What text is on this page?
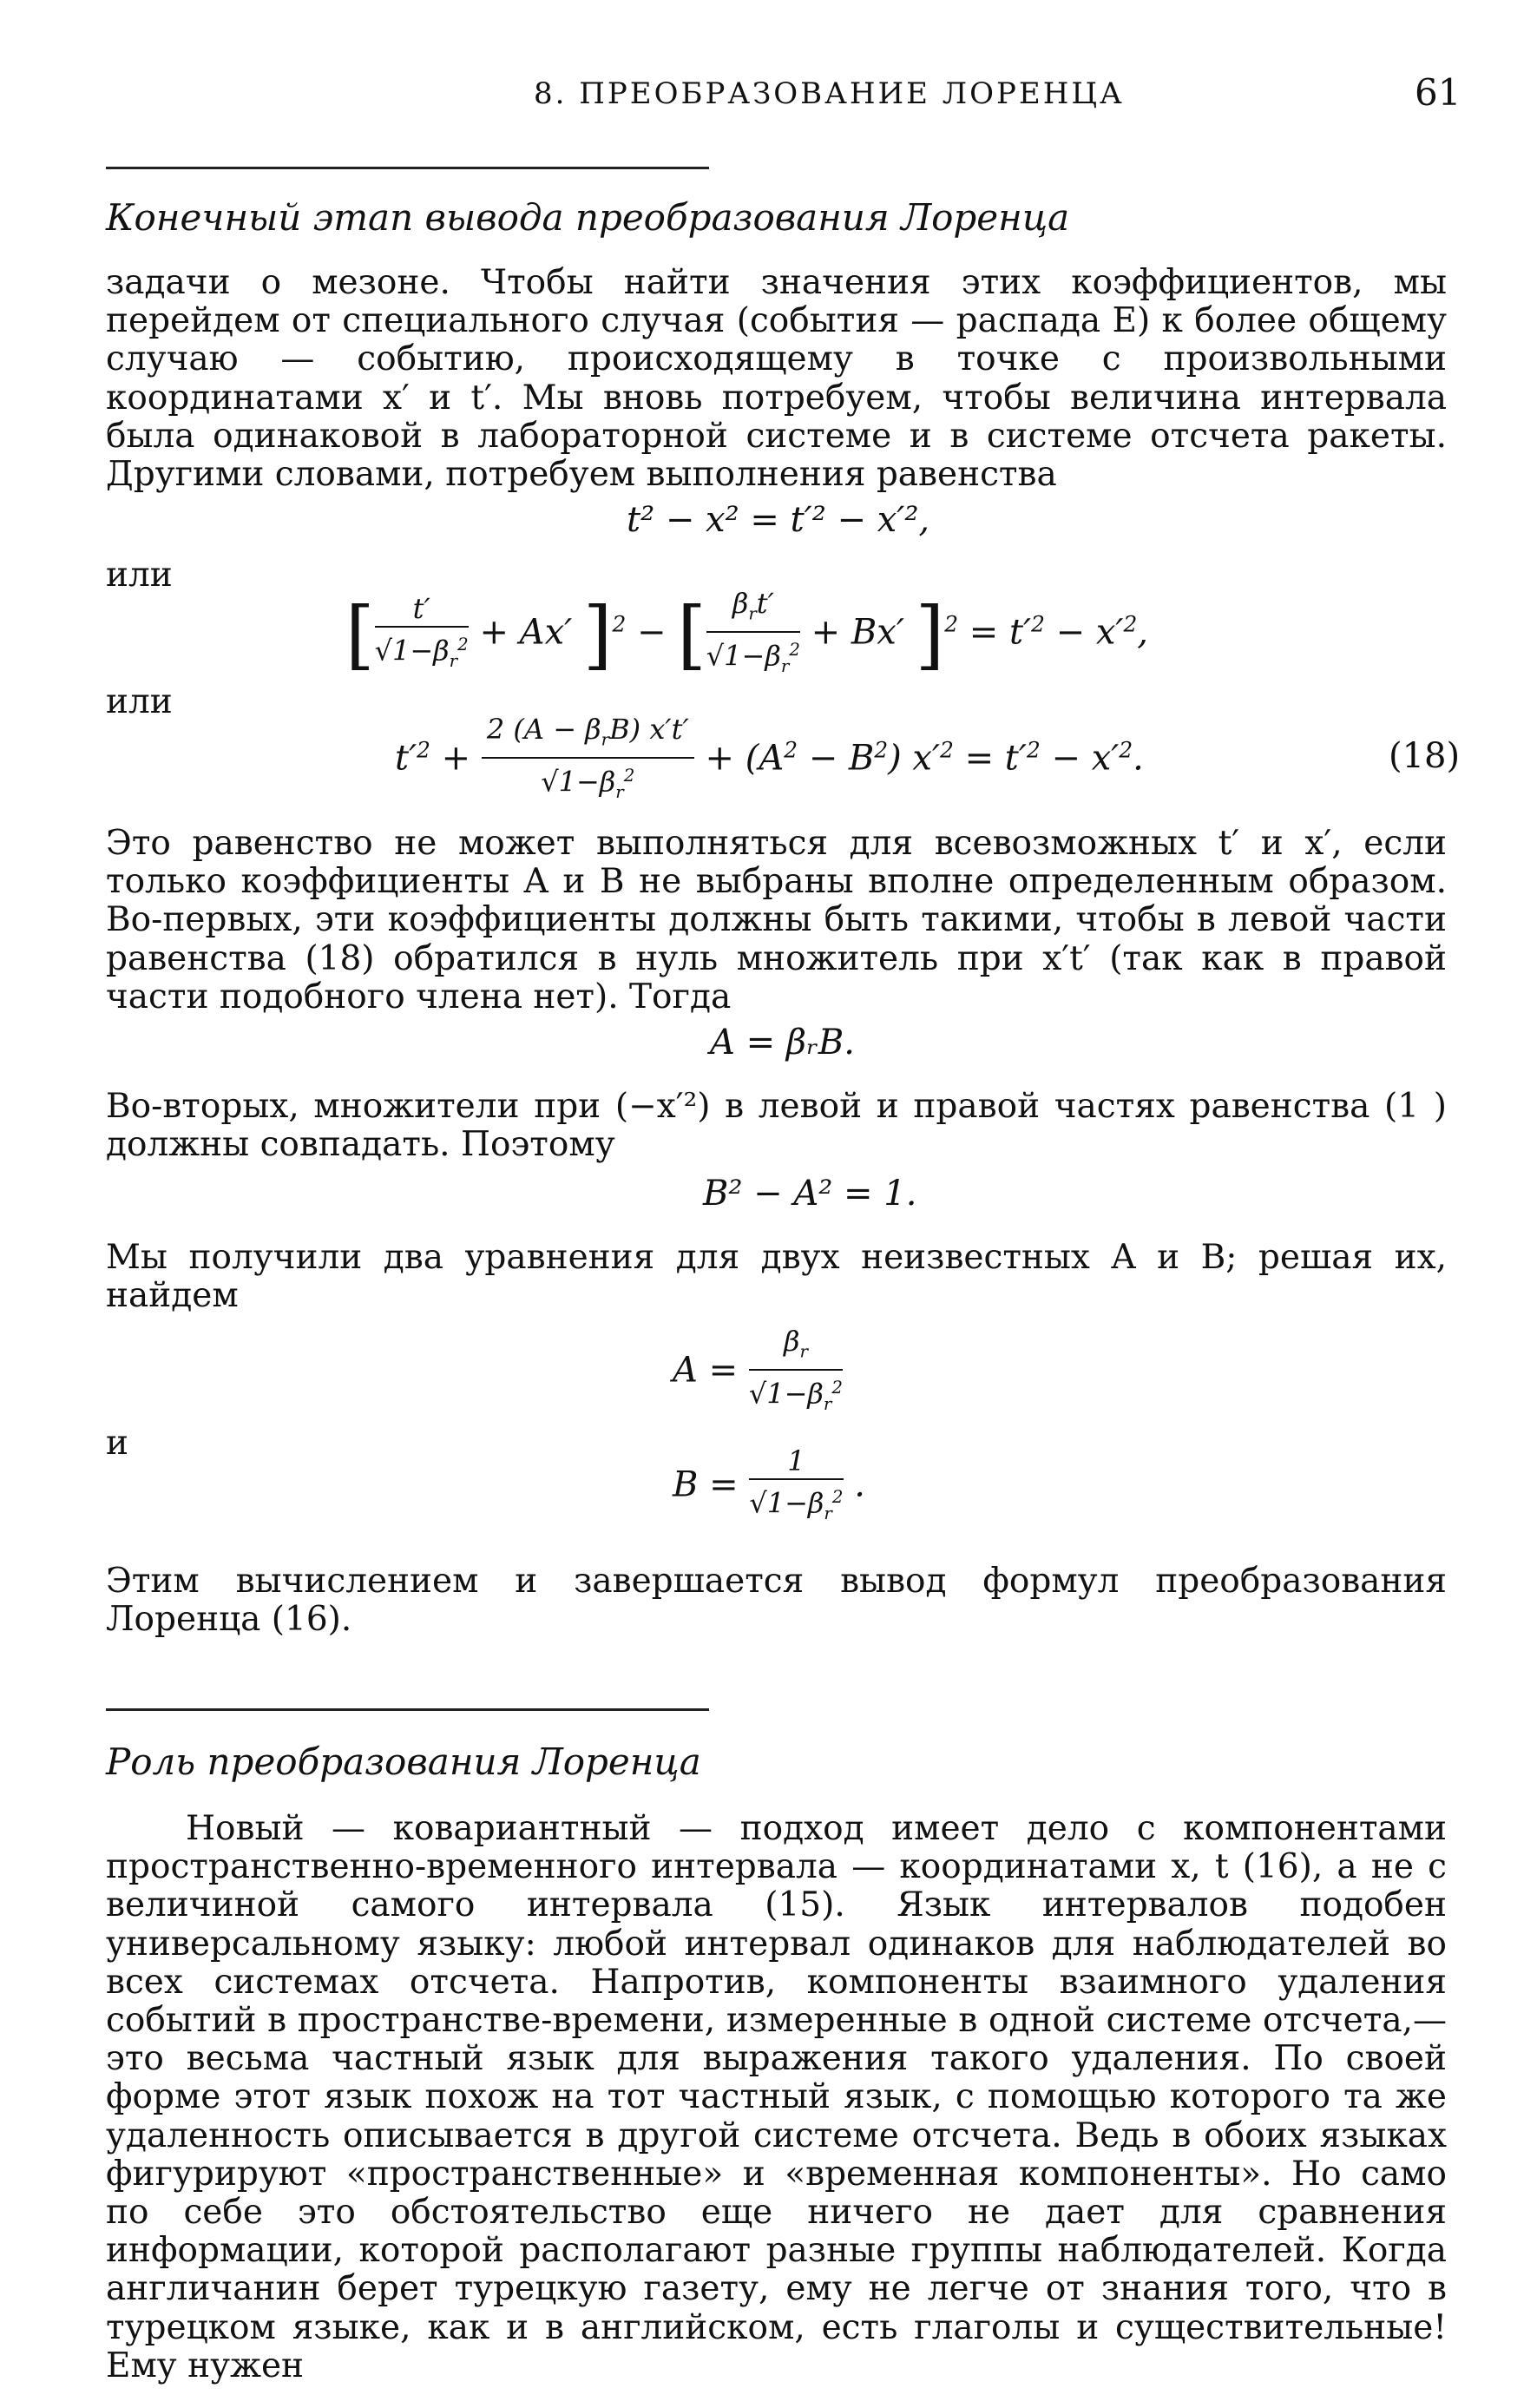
8. ПРЕОБРАЗОВАНИЕ ЛОРЕНЦА	61
Конечный этап вывода преобразования Лоренца

задачи о мезоне. Чтобы найти значения этих коэффициентов, мы перейдем от специального случая (события — распада E) к более общему случаю — событию, происходящему в точке с произвольными координатами x′ и t′. Мы вновь потребуем, чтобы величина интервала была одинаковой в лабораторной системе и в системе отсчета ракеты. Другими словами, потребуем выполнения равенства

t² − x² = t′² − x′²,
или
[ $\frac{t'}{√1-\beta_r^2} + Ax'$ ]$^2$ − [ $\frac{\beta_rt'}{√1-\beta_r^2} + Bx'$ ]$^2 = t'^2 - x'^2$,
или
$t'^2 + \frac{2 (A - \beta_rB) x't'}{√1-\beta_r^2} + (A^2 - B^2) x'^2 = t'^2 - x'^2$.	(18)

Это равенство не может выполняться для всевозможных t′ и x′, если только коэффициенты A и B не выбраны вполне определенным образом. Во-первых, эти коэффициенты должны быть такими, чтобы в левой части равенства (18) обратился в нуль множитель при x′t′ (так как в правой части подобного члена нет). Тогда

A = βᵣB.

Во-вторых, множители при (−x′²) в левой и правой частях равенства (1 ) должны совпадать. Поэтому

B² − A² = 1.

Мы получили два уравнения для двух неизвестных A и B; решая их, найдем

$A = \frac{\beta_r}{√1-\beta_r^2}$
и
$B = \frac{1}{√1-\beta_r^2}$ .

Этим вычислением и завершается вывод формул преобразования Лоренца (16).

Роль преобразования Лоренца

Новый — ковариантный — подход имеет дело с компонентами пространственно-временного интервала — координатами x, t (16), а не с величиной самого интервала (15). Язык интервалов подобен универсальному языку: любой интервал одинаков для наблюдателей во всех системах отсчета. Напротив, компоненты взаимного удаления событий в пространстве-времени, измеренные в одной системе отсчета,— это весьма частный язык для выражения такого удаления. По своей форме этот язык похож на тот частный язык, с помощью которого та же удаленность описывается в другой системе отсчета. Ведь в обоих языках фигурируют «пространственные» и «временная компоненты». Но само по себе это обстоятельство еще ничего не дает для сравнения информации, которой располагают разные группы наблюдателей. Когда англичанин берет турецкую газету, ему не легче от знания того, что в турецком языке, как и в английском, есть глаголы и существительные! Ему нужен
